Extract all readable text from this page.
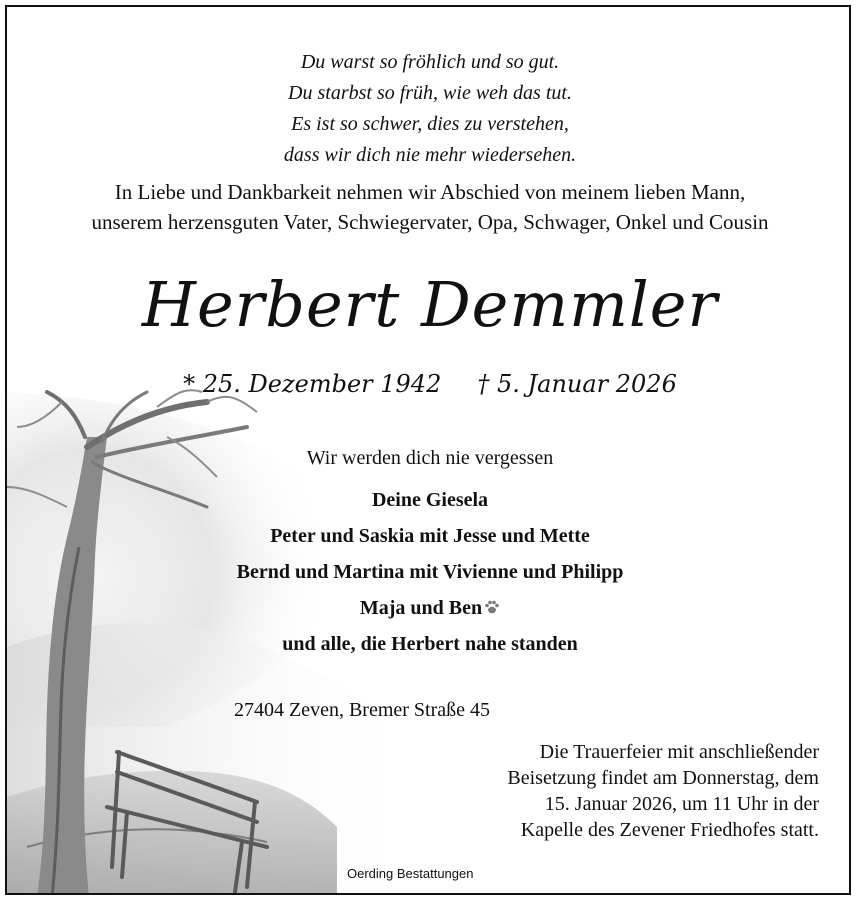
Du warst so fröhlich und so gut.
Du starbst so früh, wie weh das tut.
Es ist so schwer, dies zu verstehen,
dass wir dich nie mehr wiedersehen.
In Liebe und Dankbarkeit nehmen wir Abschied von meinem lieben Mann,
unserem herzensguten Vater, Schwiegervater, Opa, Schwager, Onkel und Cousin
Herbert Demmler
* 25. Dezember 1942 † 5. Januar 2026
Wir werden dich nie vergessen
Deine Giesela
Peter und Saskia mit Jesse und Mette
Bernd und Martina mit Vivienne und Philipp
Maja und Ben
und alle, die Herbert nahe standen
27404 Zeven, Bremer Straße 45
Die Trauerfeier mit anschließender
Beisetzung findet am Donnerstag, dem
15. Januar 2026, um 11 Uhr in der
Kapelle des Zevener Friedhofes statt.
Oerding Bestattungen
